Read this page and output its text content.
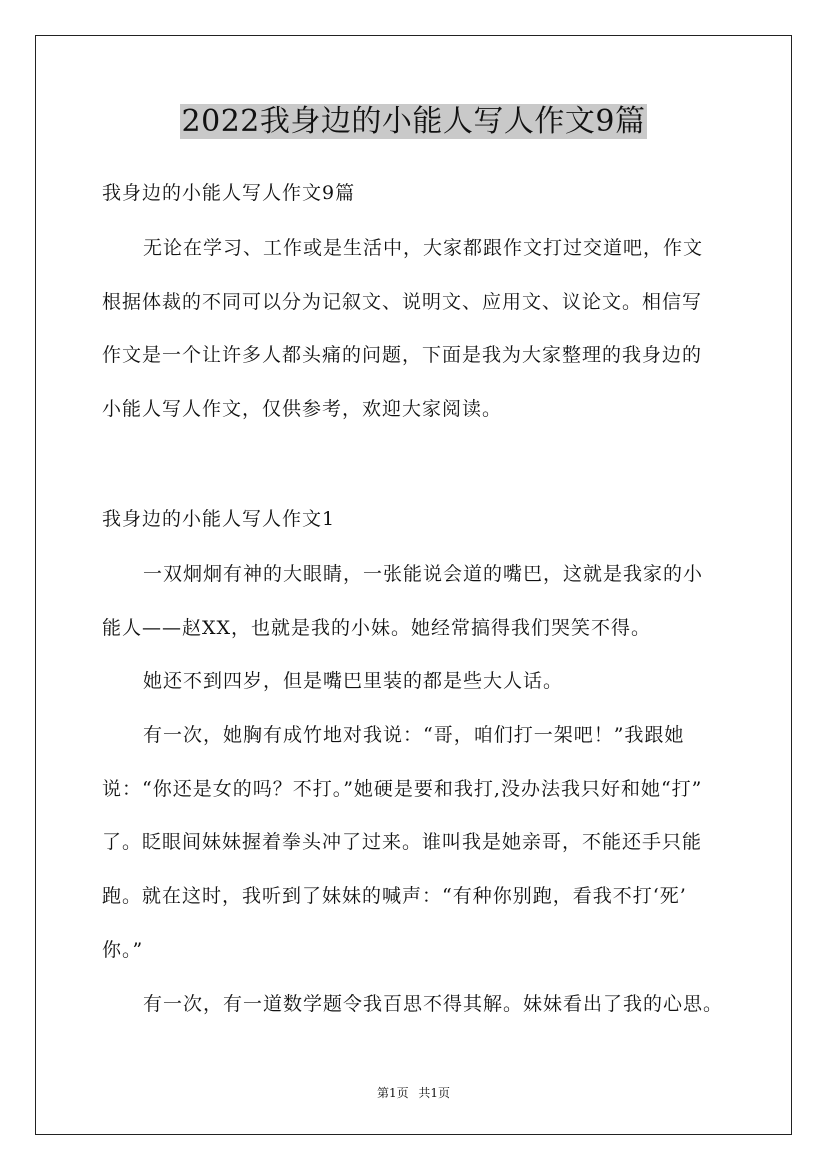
2022我身边的小能人写人作文9篇
我身边的小能人写人作文9篇
无论在学习、工作或是生活中，大家都跟作文打过交道吧，作文
根据体裁的不同可以分为记叙文、说明文、应用文、议论文。相信写
作文是一个让许多人都头痛的问题，下面是我为大家整理的我身边的
小能人写人作文，仅供参考，欢迎大家阅读。
我身边的小能人写人作文1
一双炯炯有神的大眼睛，一张能说会道的嘴巴，这就是我家的小
能人——赵XX，也就是我的小妹。她经常搞得我们哭笑不得。
她还不到四岁，但是嘴巴里装的都是些大人话。
有一次，她胸有成竹地对我说：“哥，咱们打一架吧！”我跟她
说：“你还是女的吗？不打。”她硬是要和我打,没办法我只好和她“打”
了。眨眼间妹妹握着拳头冲了过来。谁叫我是她亲哥，不能还手只能
跑。就在这时，我听到了妹妹的喊声：“有种你别跑，看我不打‘死’
你。”
有一次，有一道数学题令我百思不得其解。妹妹看出了我的心思。
第1页 共1页
